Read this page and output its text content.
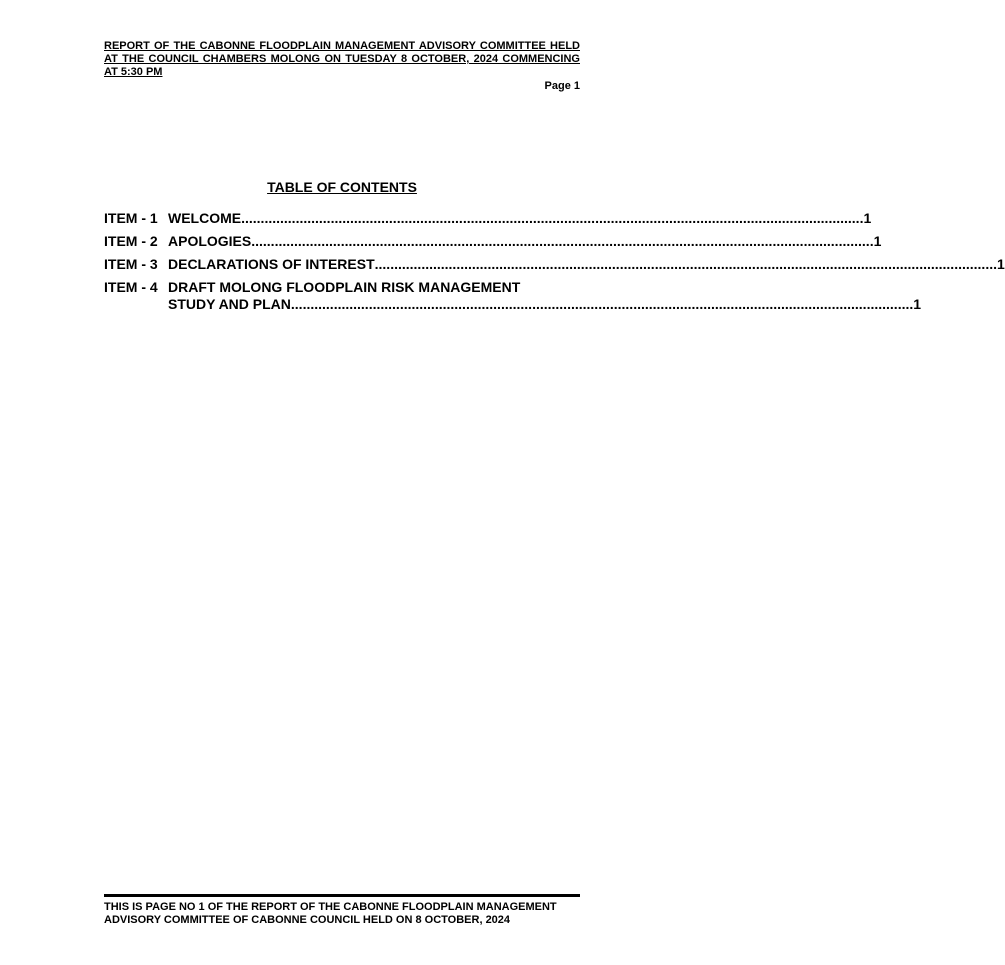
REPORT OF THE CABONNE FLOODPLAIN MANAGEMENT ADVISORY COMMITTEE HELD AT THE COUNCIL CHAMBERS MOLONG ON TUESDAY 8 OCTOBER, 2024 COMMENCING AT 5:30 PM
Page 1
TABLE OF CONTENTS
ITEM - 1 WELCOME .....	1
ITEM - 2 APOLOGIES .....	1
ITEM - 3 DECLARATIONS OF INTEREST .....	1
ITEM - 4 DRAFT MOLONG FLOODPLAIN RISK MANAGEMENT
STUDY AND PLAN .....	1
THIS IS PAGE NO 1 OF THE REPORT OF THE CABONNE FLOODPLAIN MANAGEMENT ADVISORY COMMITTEE OF CABONNE COUNCIL HELD ON 8 OCTOBER, 2024
